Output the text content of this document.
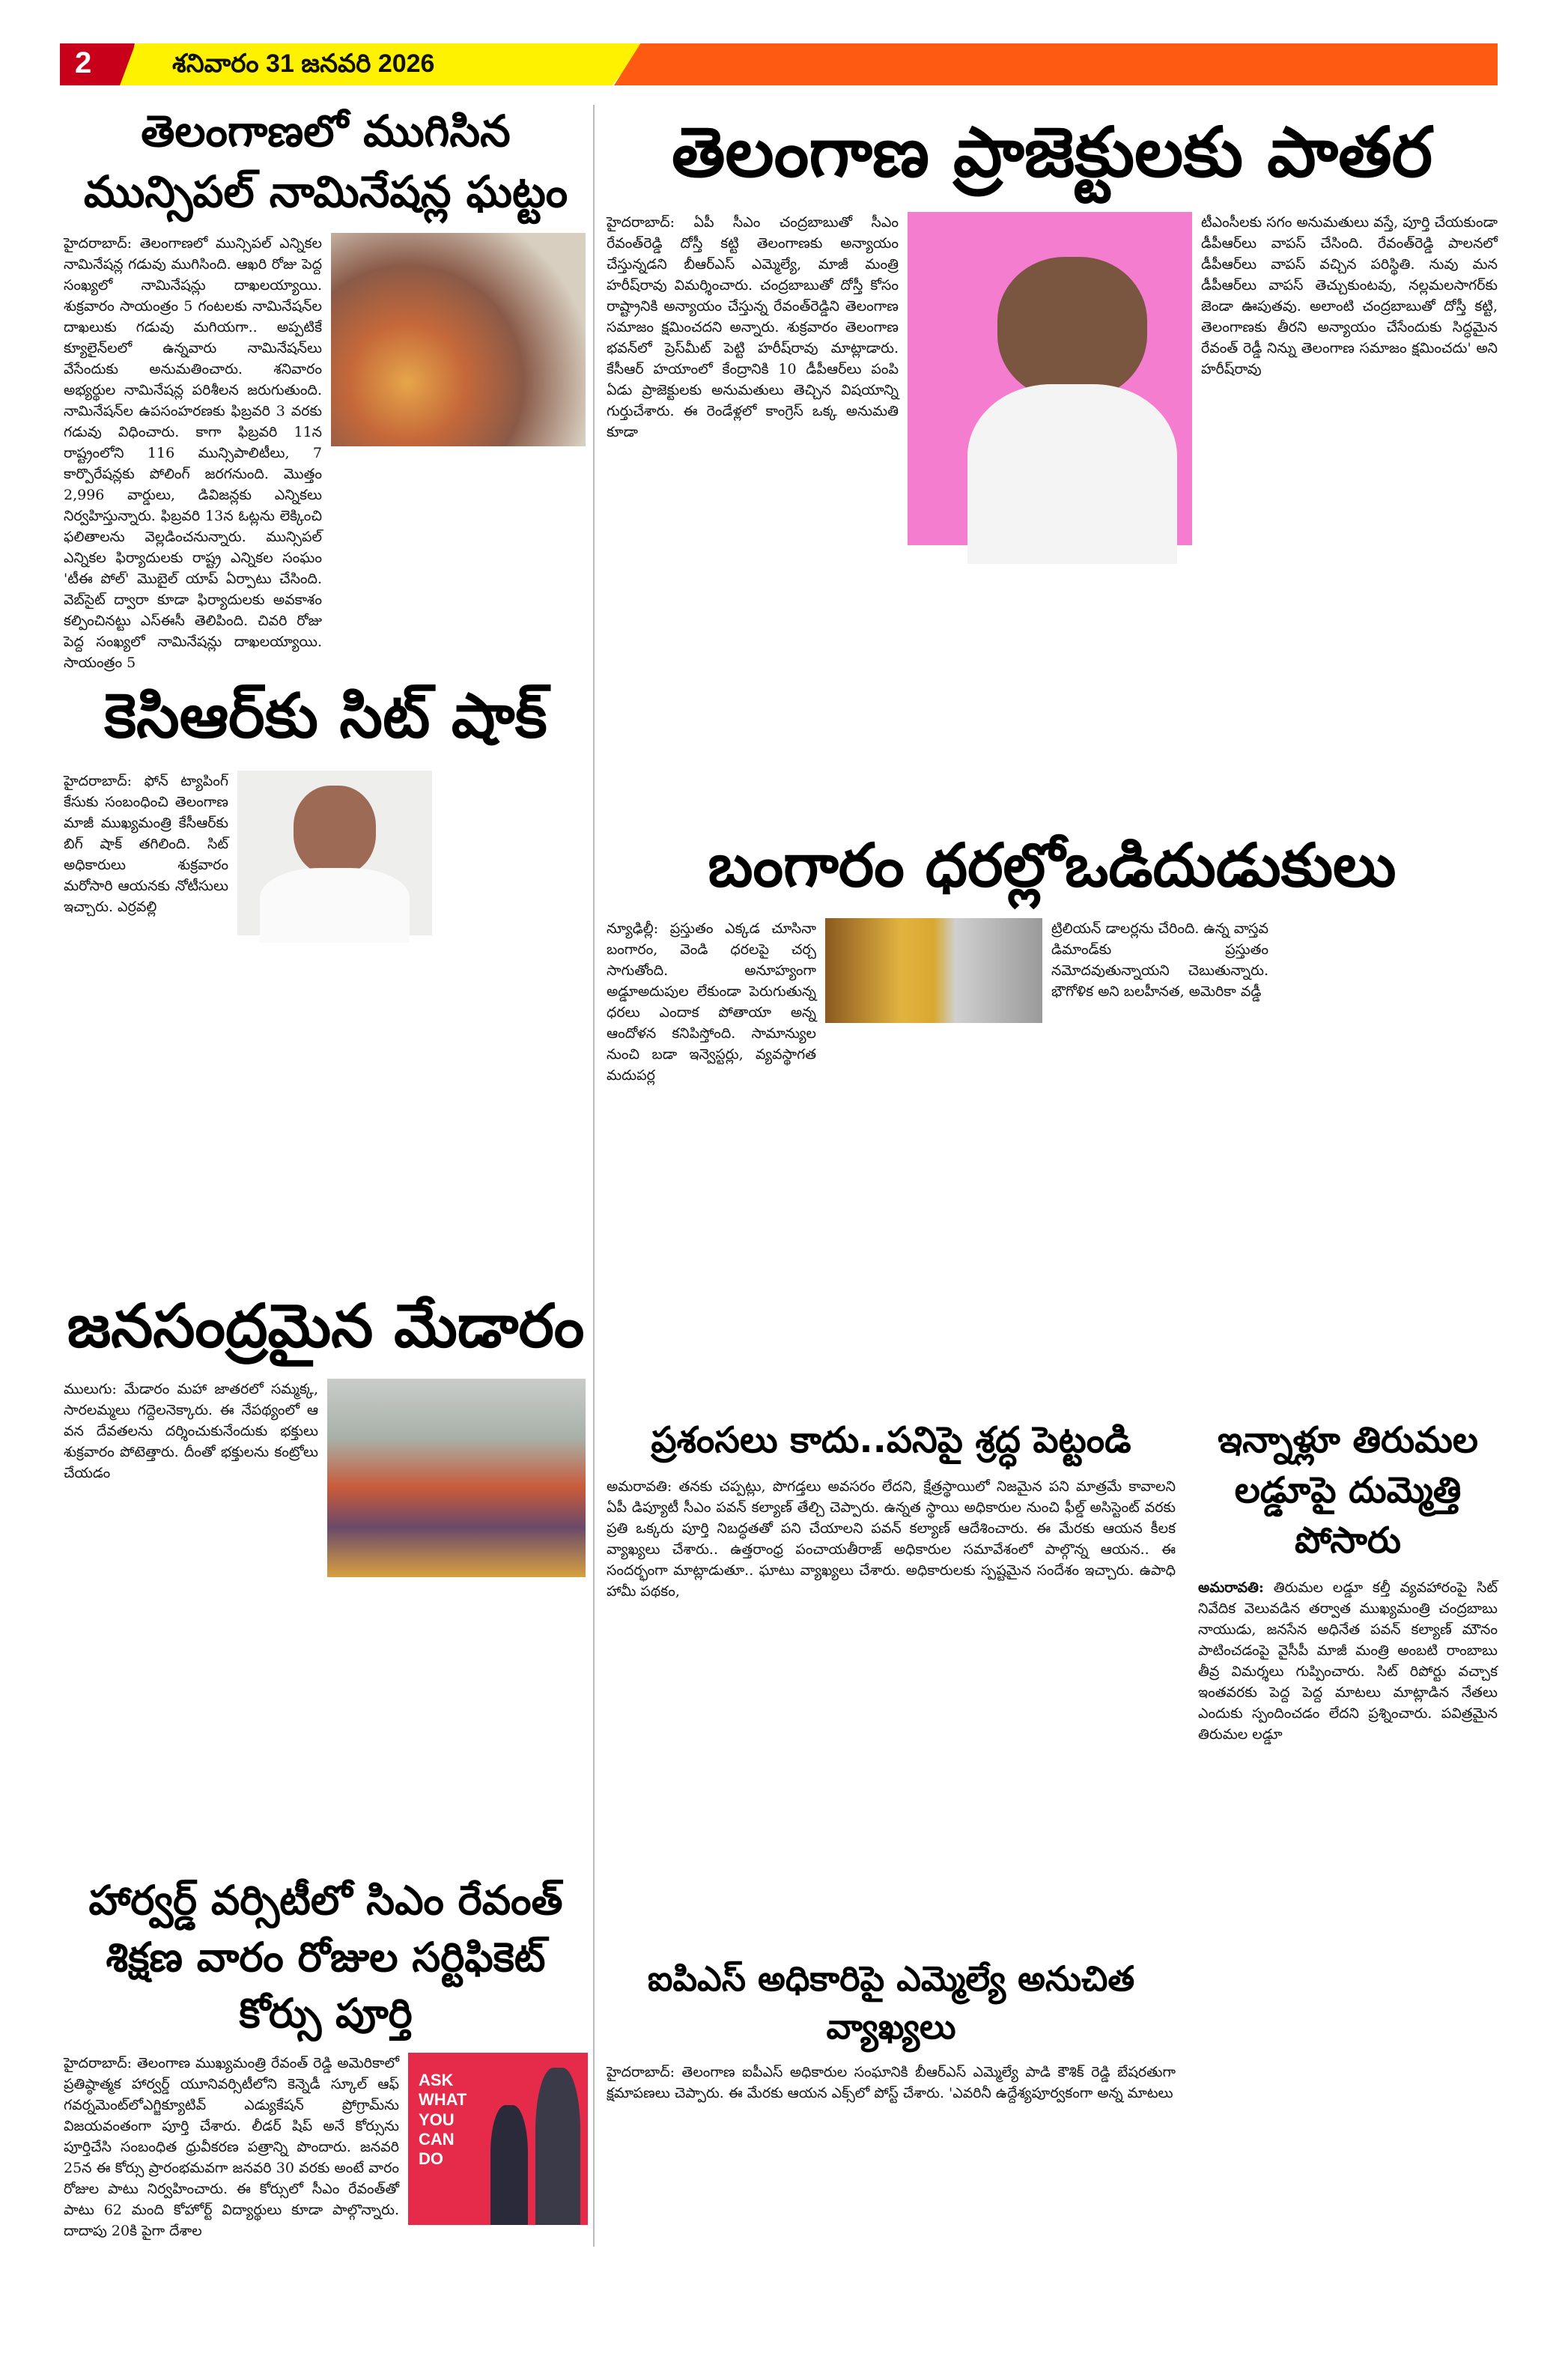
2	శనివారం 31 జనవరి 2026
తెలంగాణలో ముగిసిన మున్సిపల్ నామినేషన్ల ఘట్టం
హైదరాబాద్: తెలంగాణలో మున్సిపల్ ఎన్నికల నామినేషన్ల గడువు ముగిసింది. ఆఖరి రోజు పెద్ద సంఖ్యలో నామినేషన్లు దాఖలయ్యాయి. శుక్రవారం సాయంత్రం 5 గంటలకు నామినేషన్‌ల దాఖలుకు గడువు మగియగా.. అప్పటికే క్యూలైన్‌లలో ఉన్నవారు నామినేషన్‌లు వేసేందుకు అనుమతించారు. శనివారం అభ్యర్థుల నామినేషన్ల పరిశీలన జరుగుతుంది. నామినేషన్‌ల ఉపసంహరణకు ఫిబ్రవరి 3 వరకు గడువు విధించారు. కాగా ఫిబ్రవరి 11న రాష్ట్రంలోని 116 మున్సిపాలిటీలు, 7 కార్పొరేషన్లకు పోలింగ్ జరగనుంది. మొత్తం 2,996 వార్డులు, డివిజన్లకు ఎన్నికలు నిర్వహిస్తున్నారు. ఫిబ్రవరి 13న ఓట్లను లెక్కించి ఫలితాలను వెల్లడించనున్నారు. మున్సిపల్ ఎన్నికల ఫిర్యాదులకు రాష్ట్ర ఎన్నికల సంఘం 'టీఈ పోల్' మొబైల్ యాప్ ఏర్పాటు చేసింది. వెబ్‌సైట్ ద్వారా కూడా ఫిర్యాదులకు అవకాశం కల్పించినట్టు ఎస్ఈసీ తెలిపింది. చివరి రోజు పెద్ద సంఖ్యలో నామినేషన్లు దాఖలయ్యాయి. సాయంత్రం 5
తెలంగాణ ప్రాజెక్టులకు పాతర
హైదరాబాద్: ఏపీ సీఎం చంద్రబాబుతో సీఎం రేవంత్‌రెడ్డి దోస్తీ కట్టి తెలంగాణకు అన్యాయం చేస్తున్నడని బీఆర్ఎస్ ఎమ్మెల్యే, మాజీ మంత్రి హరీష్‌రావు విమర్శించారు. చంద్రబాబుతో దోస్తీ కోసం రాష్ట్రానికి అన్యాయం చేస్తున్న రేవంత్‌రెడ్డిని తెలంగాణ సమాజం క్షమించదని అన్నారు. శుక్రవారం తెలంగాణ భవన్‌లో ప్రెస్‌మీట్ పెట్టి హరీష్‌రావు మాట్లాడారు. కేసీఆర్ హయాంలో కేంద్రానికి 10 డీపీఆర్‌లు పంపి ఏడు ప్రాజెక్టులకు అనుమతులు తెచ్చిన విషయాన్ని గుర్తుచేశారు. ఈ రెండేళ్లలో కాంగ్రెస్ ఒక్క అనుమతి కూడా
టీఎంసీలకు సగం అనుమతులు వస్తే, పూర్తి చేయకుండా డీపీఆర్‌లు వాపస్ చేసింది. రేవంత్‌రెడ్డి పాలనలో డీపీఆర్‌లు వాపస్ వచ్చిన పరిస్థితి. నువు మన డీపీఆర్‌లు వాపస్ తెచ్చుకుంటవు, నల్లమలసాగర్‌కు జెండా ఊపుతవు. అలాంటి చంద్రబాబుతో దోస్తీ కట్టి, తెలంగాణకు తీరని అన్యాయం చేసేందుకు సిద్ధమైన రేవంత్ రెడ్డీ నిన్ను తెలంగాణ సమాజం క్షమించదు' అని హరీష్‌రావు
కెసిఆర్‌కు సిట్ షాక్
హైదరాబాద్: ఫోన్ ట్యాపింగ్ కేసుకు సంబంధించి తెలంగాణ మాజీ ముఖ్యమంత్రి కేసీఆర్‌కు బిగ్ షాక్ తగిలింది. సిట్ అధికారులు శుక్రవారం మరోసారి ఆయనకు నోటీసులు ఇచ్చారు. ఎర్రవల్లి
బంగారం ధరల్లోఒడిదుడుకులు
న్యూఢిల్లీ: ప్రస్తుతం ఎక్కడ చూసినా బంగారం, వెండి ధరలపై చర్చ సాగుతోంది. అనూహ్యంగా అడ్డూఅదుపుల లేకుండా పెరుగుతున్న ధరలు ఎందాక పోతాయా అన్న ఆందోళన కనిపిస్తోంది. సామాన్యుల నుంచి బడా ఇన్వెస్టర్లు, వ్యవస్థాగత మదుపర్ల
ట్రిలియన్ డాలర్లను చేరింది. ఉన్న వాస్తవ డిమాండ్‌కు ప్రస్తుతం నమోదవుతున్నాయని చెబుతున్నారు. భౌగోళిక అని బలహీనత, అమెరికా వడ్డీ
జనసంద్రమైన మేడారం
ములుగు: మేడారం మహా జాతరలో సమ్మక్క, సారలమ్మలు గద్దెలనెక్కారు. ఈ నేపథ్యంలో ఆ వన దేవతలను దర్శించుకునేందుకు భక్తులు శుక్రవారం పోటెత్తారు. దీంతో భక్తులను కంట్రోలు చేయడం
హార్వర్డ్ వర్సిటీలో సిఎం రేవంత్ శిక్షణ వారం రోజుల సర్టిఫికెట్ కోర్సు పూర్తి
హైదరాబాద్: తెలంగాణ ముఖ్యమంత్రి రేవంత్ రెడ్డి అమెరికాలో ప్రతిష్ఠాత్మక హార్వర్డ్ యూనివర్సిటీలోని కెన్నెడీ స్కూల్ ఆఫ్ గవర్నమెంట్‌లోఎగ్జిక్యూటివ్ ఎడ్యుకేషన్ ప్రోగ్రామ్‌ను విజయవంతంగా పూర్తి చేశారు. లీడర్ షిప్ అనే కోర్సును పూర్తిచేసి సంబంధిత ధ్రువీకరణ పత్రాన్ని పొందారు. జనవరి 25న ఈ కోర్సు ప్రారంభమవగా జనవరి 30 వరకు అంటే వారం రోజుల పాటు నిర్వహించారు. ఈ కోర్సులో సీఎం రేవంత్‌తో పాటు 62 మంది కోహోర్ట్ విద్యార్థులు కూడా పాల్గొన్నారు. దాదాపు 20కి పైగా దేశాల
ASK WHAT YOU CAN DO
ప్రశంసలు కాదు..పనిపై శ్రద్ధ పెట్టండి
అమరావతి: తనకు చప్పట్లు, పొగడ్తలు అవసరం లేదని, క్షేత్రస్థాయిలో నిజమైన పని మాత్రమే కావాలని ఏపీ డిప్యూటీ సీఎం పవన్ కల్యాణ్ తేల్చి చెప్పారు. ఉన్నత స్థాయి అధికారుల నుంచి ఫీల్డ్ అసిస్టెంట్ వరకు ప్రతి ఒక్కరు పూర్తి నిబద్ధతతో పని చేయాలని పవన్ కల్యాణ్ ఆదేశించారు. ఈ మేరకు ఆయన కీలక వ్యాఖ్యలు చేశారు.. ఉత్తరాంధ్ర పంచాయతీరాజ్ అధికారుల సమావేశంలో పాల్గొన్న ఆయన.. ఈ సందర్భంగా మాట్లాడుతూ.. ఘాటు వ్యాఖ్యలు చేశారు. అధికారులకు స్పష్టమైన సందేశం ఇచ్చారు. ఉపాధి హామీ పథకం,
ఇన్నాళ్లూ తిరుమల లడ్డూపై దుమ్మెత్తి పోసారు
అమరావతి: తిరుమల లడ్డూ కల్తీ వ్యవహారంపై సిట్ నివేదిక వెలువడిన తర్వాత ముఖ్యమంత్రి చంద్రబాబు నాయుడు, జనసేన అధినేత పవన్ కల్యాణ్ మౌనం పాటించడంపై వైసీపీ మాజీ మంత్రి అంబటి రాంబాబు తీవ్ర విమర్శలు గుప్పించారు. సిట్ రిపోర్టు వచ్చాక ఇంతవరకు పెద్ద పెద్ద మాటలు మాట్లాడిన నేతలు ఎందుకు స్పందించడం లేదని ప్రశ్నించారు. పవిత్రమైన తిరుమల లడ్డూ
ఐపిఎస్ అధికారిపై ఎమ్మెల్యే అనుచిత వ్యాఖ్యలు
హైదరాబాద్: తెలంగాణ ఐపీఎస్ అధికారుల సంఘానికి బీఆర్ఎస్ ఎమ్మెల్యే పాడి కౌశిక్ రెడ్డి బేషరతుగా క్షమాపణలు చెప్పారు. ఈ మేరకు ఆయన ఎక్స్‌లో పోస్ట్ చేశారు. 'ఎవరినీ ఉద్దేశ్యపూర్వకంగా అన్న మాటలు
